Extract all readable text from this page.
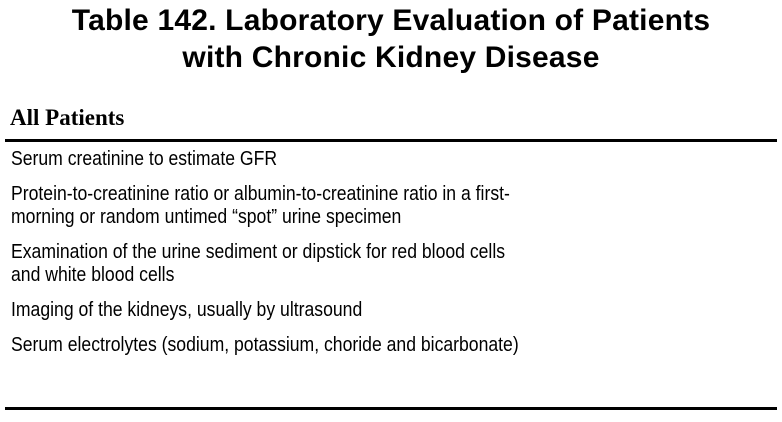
Table 142. Laboratory Evaluation of Patients
with Chronic Kidney Disease
All Patients
Serum creatinine to estimate GFR
Protein-to-creatinine ratio or albumin-to-creatinine ratio in a first-
morning or random untimed “spot” urine specimen
Examination of the urine sediment or dipstick for red blood cells
and white blood cells
Imaging of the kidneys, usually by ultrasound
Serum electrolytes (sodium, potassium, choride and bicarbonate)
